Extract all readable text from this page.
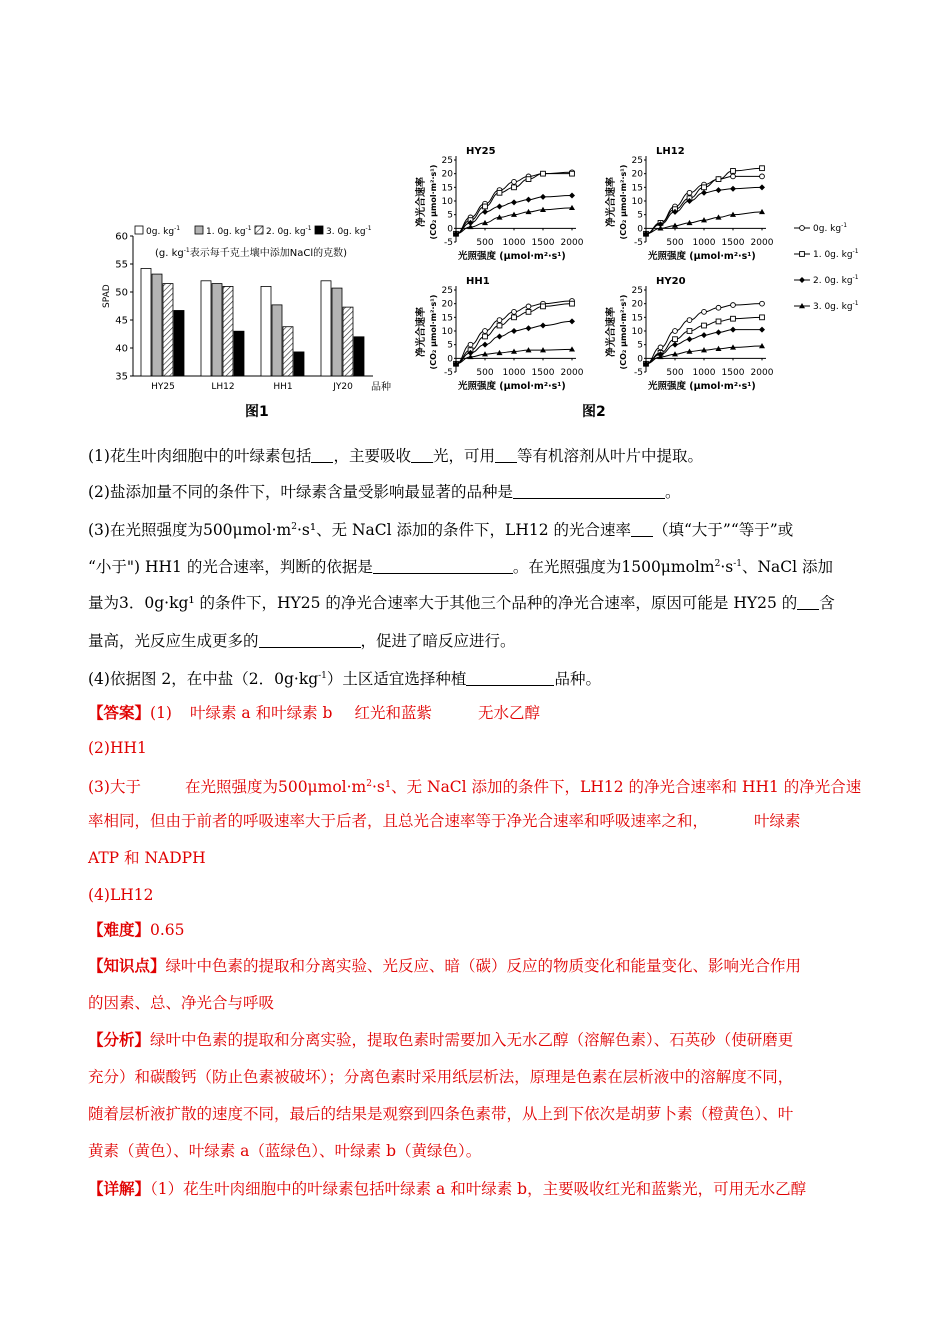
0g. $kg^{-1}$	1. 0g. $kg^{-1}$ 2. 0g. $kg^{-1}$ 3. 0g. $kg^{-1}$
(g. $kg^{-1}$表示每千克土壤中添加NaCl的克数)
SPAD
35
40
45
50
55
60
HY25	LH12	HH1	JY20 品种
图1	图2
0g. $kg^{-1}$
1. 0g. $kg^{-1}$
2. 0g. $kg^{-1}$
3. 0g. $kg^{-1}$
HY25
-5
0
5
10
15
20
25
500 1000 1500 2000
光照强度 (μmol·m²·s¹)
净光合速率 (CO₂ μmol·m²·s¹)
LH12
-5
0
5
10
15
20
25
500 1000 1500 2000
光照强度 (μmol·m²·s¹)
净光合速率 (CO₂ μmol·m²·s¹)
HH1
-5
0
5
10
15
20
25
500 1000 1500 2000
光照强度 (μmol·m²·s¹)
净光合速率 (CO₂ μmol·m²·s¹)
HY20
-5
0
5
10
15
20
25
500 1000 1500 2000
光照强度 (μmol·m²·s¹)
净光合速率 (CO₂ μmol·m²·s¹)
(1)花生叶肉细胞中的叶绿素包括 ，主要吸收 光，可用 等有机溶剂从叶片中提取。
(2)盐添加量不同的条件下，叶绿素含量受影响最显著的品种是	。
(3)在光照强度为$500\mu mol\cdot m^2\cdot s^1$、无 NaCl 添加的条件下，LH12 的光合速率 （填“大于”“等于”或
“小于") HH1 的光合速率，判断的依据是	。在光照强度为$1500\mu molm^2\cdot s^{-1}$、NaCl 添加
量为3．0g·kg¹ 的条件下，HY25 的净光合速率大于其他三个品种的净光合速率，原因可能是 HY25 的 含
量高，光反应生成更多的	，促进了暗反应进行。
(4)依据图 2，在中盐（2．$0g\cdot kg^{-1}$）土区适宜选择种植	品种。
【答案】(1) 叶绿素 a 和叶绿素 b 红光和蓝紫	无水乙醇
(2)HH1
(3)大于	在光照强度为$500\mu mol\cdot m^2\cdot s^1$、无 NaCl 添加的条件下，LH12 的净光合速率和 HH1 的净光合速
率相同，但由于前者的呼吸速率大于后者，且总光合速率等于净光合速率和呼吸速率之和，	叶绿素
ATP 和 NADPH
(4)LH12
【难度】0.65
【知识点】绿叶中色素的提取和分离实验、光反应、暗（碳）反应的物质变化和能量变化、影响光合作用
的因素、总、净光合与呼吸
【分析】绿叶中色素的提取和分离实验，提取色素时需要加入无水乙醇（溶解色素）、石英砂（使研磨更
充分）和碳酸钙（防止色素被破坏）；分离色素时采用纸层析法，原理是色素在层析液中的溶解度不同，
随着层析液扩散的速度不同，最后的结果是观察到四条色素带，从上到下依次是胡萝卜素（橙黄色）、叶
黄素（黄色）、叶绿素 a（蓝绿色）、叶绿素 b（黄绿色）。
【详解】（1）花生叶肉细胞中的叶绿素包括叶绿素 a 和叶绿素 b，主要吸收红光和蓝紫光，可用无水乙醇
